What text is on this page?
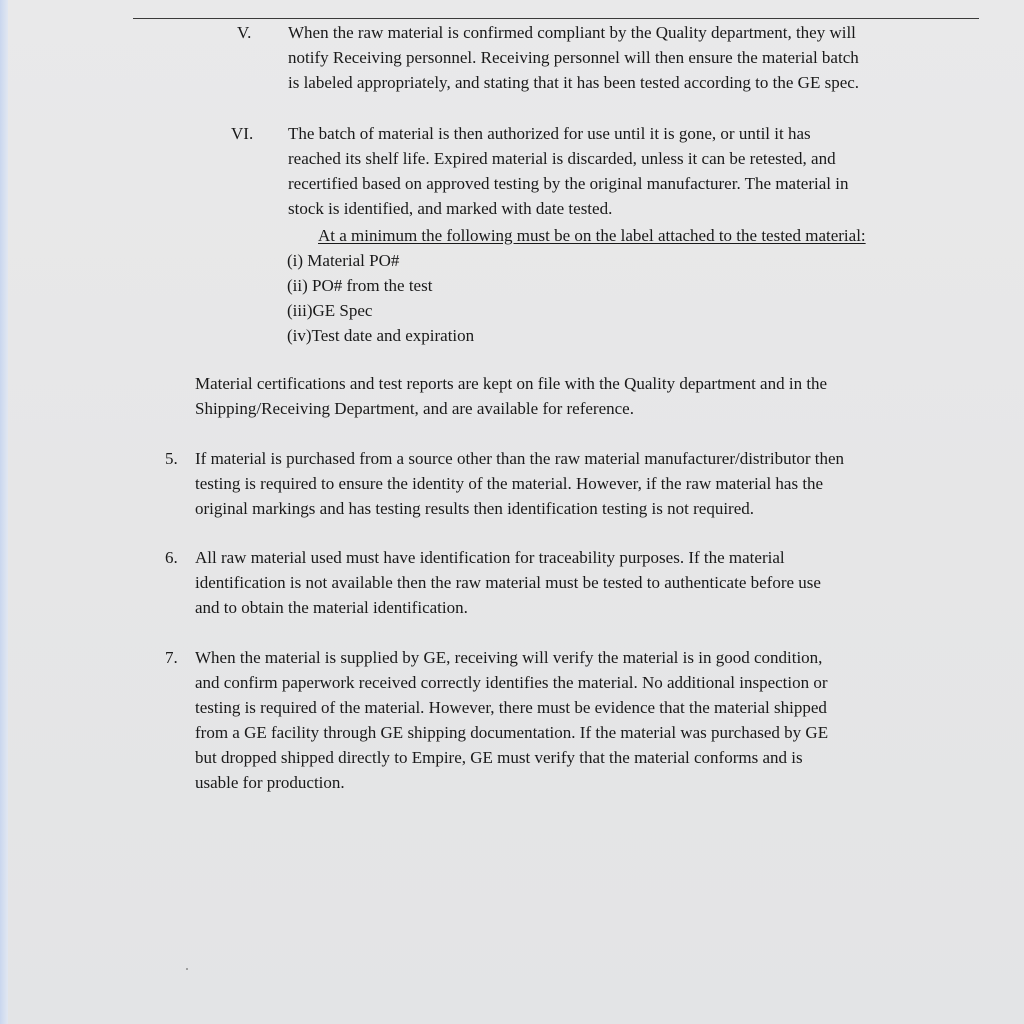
V. When the raw material is confirmed compliant by the Quality department, they will
notify Receiving personnel. Receiving personnel will then ensure the material batch
is labeled appropriately, and stating that it has been tested according to the GE spec.
VI. The batch of material is then authorized for use until it is gone, or until it has
reached its shelf life. Expired material is discarded, unless it can be retested, and
recertified based on approved testing by the original manufacturer. The material in
stock is identified, and marked with date tested.
At a minimum the following must be on the label attached to the tested material:
(i) Material PO#
(ii) PO# from the test
(iii)GE Spec
(iv)Test date and expiration
Material certifications and test reports are kept on file with the Quality department and in the
Shipping/Receiving Department, and are available for reference.
5. If material is purchased from a source other than the raw material manufacturer/distributor then
testing is required to ensure the identity of the material. However, if the raw material has the
original markings and has testing results then identification testing is not required.
6. All raw material used must have identification for traceability purposes. If the material
identification is not available then the raw material must be tested to authenticate before use
and to obtain the material identification.
7. When the material is supplied by GE, receiving will verify the material is in good condition,
and confirm paperwork received correctly identifies the material. No additional inspection or
testing is required of the material. However, there must be evidence that the material shipped
from a GE facility through GE shipping documentation. If the material was purchased by GE
but dropped shipped directly to Empire, GE must verify that the material conforms and is
usable for production.
